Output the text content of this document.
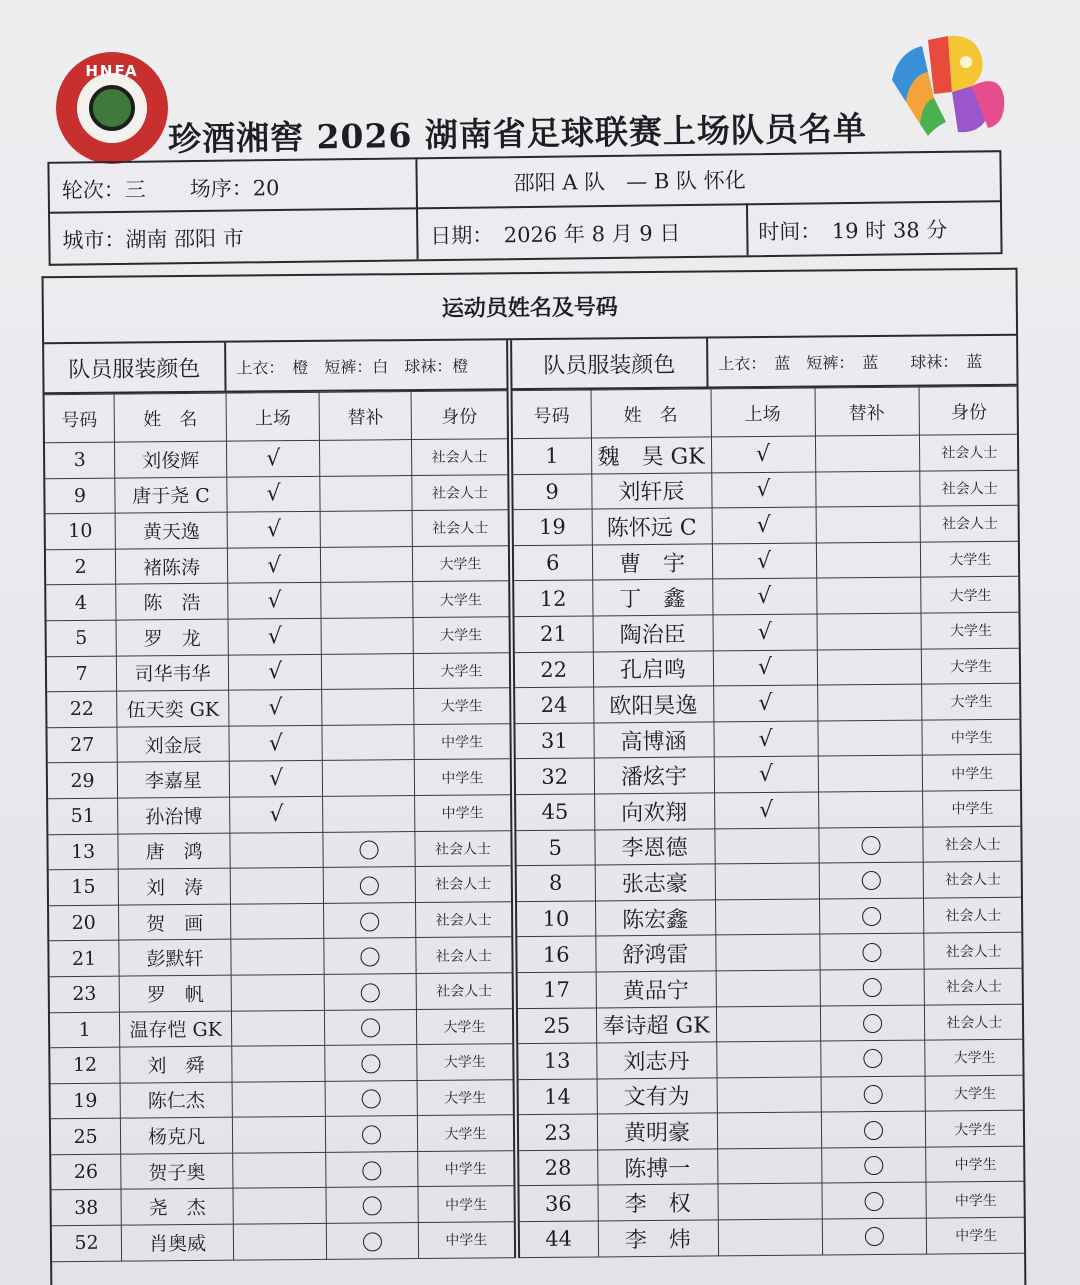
HNFA
珍酒湘窖 2026 湖南省足球联赛上场队员名单
轮次：三 场序：20	邵阳 A 队　— B 队 怀化
城市：湖南 邵阳 市	日期：　2026 年 8 月 9 日	时间：　19 时 38 分
运动员姓名及号码
队员服装颜色	上衣：　橙　短裤：白　球袜：橙
号码	姓　名	上场	替补	身份
3	刘俊辉	√		社会人士
9	唐于尧 C	√		社会人士
10	黄天逸	√		社会人士
2	褚陈涛	√		大学生
4	陈　浩	√		大学生
5	罗　龙	√		大学生
7	司华韦华	√		大学生
22	伍天奕 GK	√		大学生
27	刘金辰	√		中学生
29	李嘉星	√		中学生
51	孙治博	√		中学生
13	唐　鸿			社会人士
15	刘　涛			社会人士
20	贺　画			社会人士
21	彭默轩			社会人士
23	罗　帆			社会人士
1	温存恺 GK			大学生
12	刘　舜			大学生
19	陈仁杰			大学生
25	杨克凡			大学生
26	贺子奥			中学生
38	尧　杰			中学生
52	肖奥威			中学生
队员服装颜色	上衣：　蓝　短裤：　蓝　　球袜：　蓝
号码	姓　名	上场	替补	身份
1	魏　昊 GK	√		社会人士
9	刘轩辰	√		社会人士
19	陈怀远 C	√		社会人士
6	曹　宇	√		大学生
12	丁　鑫	√		大学生
21	陶治臣	√		大学生
22	孔启鸣	√		大学生
24	欧阳昊逸	√		大学生
31	高博涵	√		中学生
32	潘炫宇	√		中学生
45	向欢翔	√		中学生
5	李恩德			社会人士
8	张志豪			社会人士
10	陈宏鑫			社会人士
16	舒鸿雷			社会人士
17	黄品宁			社会人士
25	奉诗超 GK			社会人士
13	刘志丹			大学生
14	文有为			大学生
23	黄明豪			大学生
28	陈搏一			中学生
36	李　权			中学生
44	李　炜			中学生
